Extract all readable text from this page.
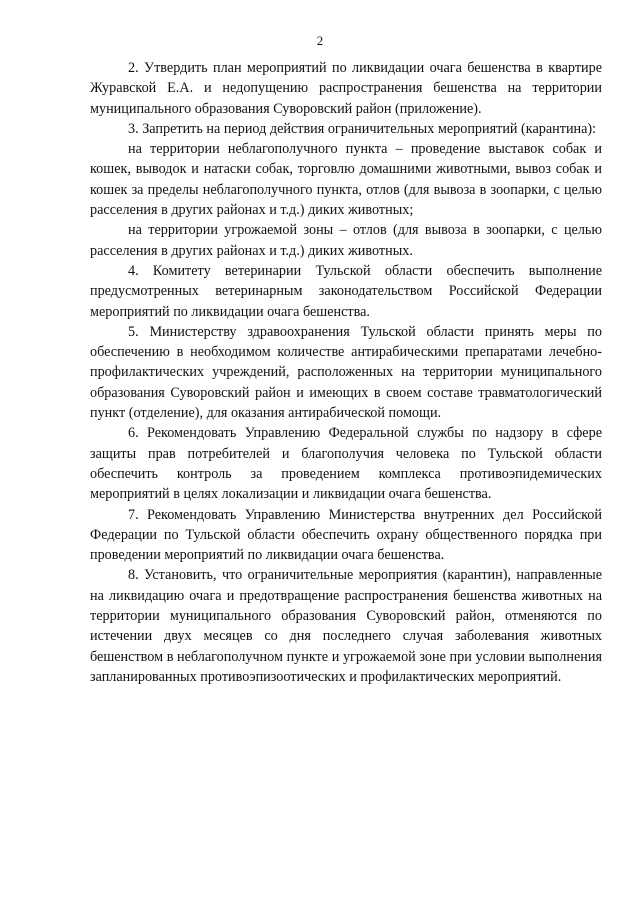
2

2. Утвердить план мероприятий по ликвидации очага бешенства в квартире Журавской Е.А. и недопущению распространения бешенства на территории муниципального образования Суворовский район (приложение).

3. Запретить на период действия ограничительных мероприятий (карантина):

на территории неблагополучного пункта – проведение выставок собак и кошек, выводок и натаски собак, торговлю домашними животными, вывоз собак и кошек за пределы неблагополучного пункта, отлов (для вывоза в зоопарки, с целью расселения в других районах и т.д.) диких животных;

на территории угрожаемой зоны – отлов (для вывоза в зоопарки, с целью расселения в других районах и т.д.) диких животных.

4. Комитету ветеринарии Тульской области обеспечить выполнение предусмотренных ветеринарным законодательством Российской Федерации мероприятий по ликвидации очага бешенства.

5. Министерству здравоохранения Тульской области принять меры по обеспечению в необходимом количестве антирабическими препаратами лечебно-профилактических учреждений, расположенных на территории муниципального образования Суворовский район и имеющих в своем составе травматологический пункт (отделение), для оказания антирабической помощи.

6. Рекомендовать Управлению Федеральной службы по надзору в сфере защиты прав потребителей и благополучия человека по Тульской области обеспечить контроль за проведением комплекса противоэпидемических мероприятий в целях локализации и ликвидации очага бешенства.

7. Рекомендовать Управлению Министерства внутренних дел Российской Федерации по Тульской области обеспечить охрану общественного порядка при проведении мероприятий по ликвидации очага бешенства.

8. Установить, что ограничительные мероприятия (карантин), направленные на ликвидацию очага и предотвращение распространения бешенства животных на территории муниципального образования Суворовский район, отменяются по истечении двух месяцев со дня последнего случая заболевания животных бешенством в неблагополучном пункте и угрожаемой зоне при условии выполнения запланированных противоэпизоотических и профилактических мероприятий.
